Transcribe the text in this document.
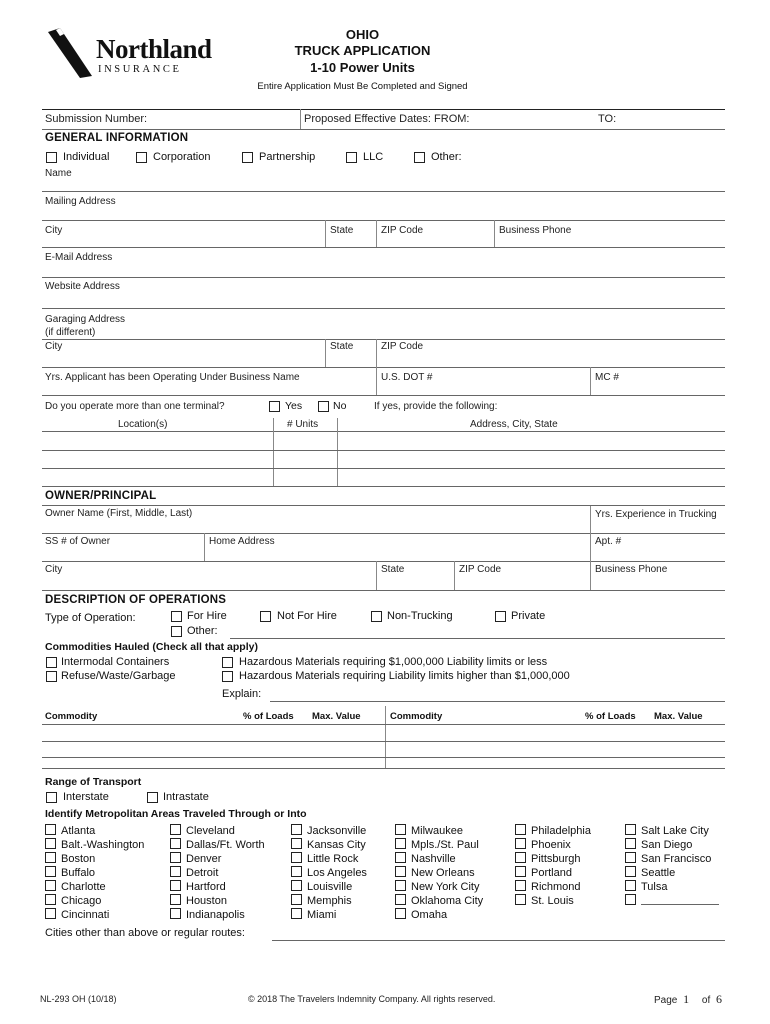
Northland
INSURANCE
OHIO
TRUCK APPLICATION
1-10 Power Units
Entire Application Must Be Completed and Signed
Submission Number:	Proposed Effective Dates: FROM:	TO:
GENERAL INFORMATION
Individual	Corporation	Partnership	LLC	Other:
Name
Mailing Address
City	State	ZIP Code	Business Phone
E-Mail Address
Website Address
Garaging Address
(if different)
City	State	ZIP Code
Yrs. Applicant has been Operating Under Business Name	U.S. DOT #	MC #
Do you operate more than one terminal?	Yes	No	If yes, provide the following:
Location(s)	# Units	Address, City, State
OWNER/PRINCIPAL
Owner Name (First, Middle, Last)	Yrs. Experience in Trucking
SS # of Owner	Home Address	Apt. #
City	State	ZIP Code	Business Phone
DESCRIPTION OF OPERATIONS
Type of Operation:	For Hire	Not For Hire	Non-Trucking	Private
Other:
Commodities Hauled (Check all that apply)
Intermodal Containers
Refuse/Waste/Garbage
Hazardous Materials requiring $1,000,000 Liability limits or less
Hazardous Materials requiring Liability limits higher than $1,000,000
Explain:
Commodity	% of Loads Max. Value	Commodity	% of Loads Max. Value
Range of Transport
Interstate	Intrastate
Identify Metropolitan Areas Traveled Through or Into
Atlanta
Balt.-Washington
Boston
Buffalo
Charlotte
Chicago
Cincinnati
Cleveland
Dallas/Ft. Worth
Denver
Detroit
Hartford
Houston
Indianapolis
Jacksonville
Kansas City
Little Rock
Los Angeles
Louisville
Memphis
Miami
Milwaukee
Mpls./St. Paul
Nashville
New Orleans
New York City
Oklahoma City
Omaha
Philadelphia
Phoenix
Pittsburgh
Portland
Richmond
St. Louis
Salt Lake City
San Diego
San Francisco
Seattle
Tulsa
Cities other than above or regular routes:
NL-293 OH (10/18)	© 2018 The Travelers Indemnity Company. All rights reserved.	Page 1 of 6
